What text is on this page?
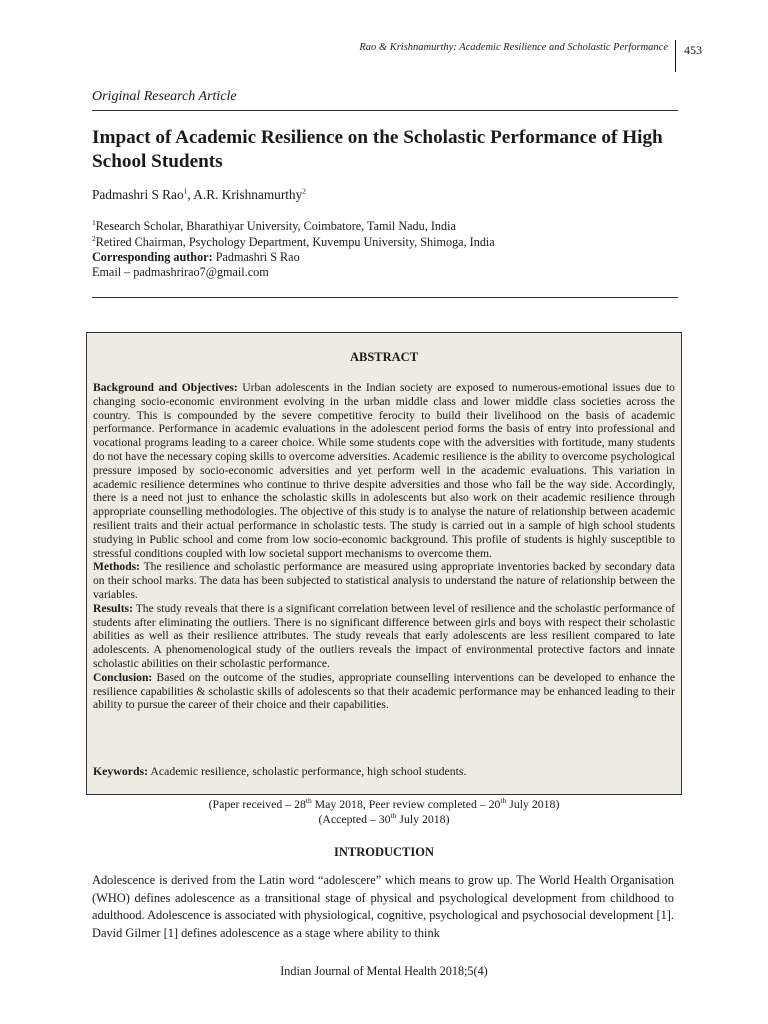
Rao & Krishnamurthy: Academic Resilience and Scholastic Performance 453
Original Research Article
Impact of Academic Resilience on the Scholastic Performance of High School Students
Padmashri S Rao$^1$, A.R. Krishnamurthy$^2$
$^1$Research Scholar, Bharathiyar University, Coimbatore, Tamil Nadu, India
$^2$Retired Chairman, Psychology Department, Kuvempu University, Shimoga, India
Corresponding author: Padmashri S Rao
Email – padmashrirao7@gmail.com
ABSTRACT

Background and Objectives: Urban adolescents in the Indian society are exposed to numerous-emotional issues due to changing socio-economic environment evolving in the urban middle class and lower middle class societies across the country. This is compounded by the severe competitive ferocity to build their livelihood on the basis of academic performance. Performance in academic evaluations in the adolescent period forms the basis of entry into professional and vocational programs leading to a career choice. While some students cope with the adversities with fortitude, many students do not have the necessary coping skills to overcome adversities. Academic resilience is the ability to overcome psychological pressure imposed by socio-economic adversities and yet perform well in the academic evaluations. This variation in academic resilience determines who continue to thrive despite adversities and those who fall be the way side. Accordingly, there is a need not just to enhance the scholastic skills in adolescents but also work on their academic resilience through appropriate counselling methodologies. The objective of this study is to analyse the nature of relationship between academic resilient traits and their actual performance in scholastic tests. The study is carried out in a sample of high school students studying in Public school and come from low socio-economic background. This profile of students is highly susceptible to stressful conditions coupled with low societal support mechanisms to overcome them.

Methods: The resilience and scholastic performance are measured using appropriate inventories backed by secondary data on their school marks. The data has been subjected to statistical analysis to understand the nature of relationship between the variables.

Results: The study reveals that there is a significant correlation between level of resilience and the scholastic performance of students after eliminating the outliers. There is no significant difference between girls and boys with respect their scholastic abilities as well as their resilience attributes. The study reveals that early adolescents are less resilient compared to late adolescents. A phenomenological study of the outliers reveals the impact of environmental protective factors and innate scholastic abilities on their scholastic performance.

Conclusion: Based on the outcome of the studies, appropriate counselling interventions can be developed to enhance the resilience capabilities & scholastic skills of adolescents so that their academic performance may be enhanced leading to their ability to pursue the career of their choice and their capabilities.

Keywords: Academic resilience, scholastic performance, high school students.
(Paper received – 28th May 2018, Peer review completed – 20th July 2018)
(Accepted – 30th July 2018)
INTRODUCTION

Adolescence is derived from the Latin word “adolescere” which means to grow up. The World Health Organisation (WHO) defines adolescence as a transitional stage of physical and psychological development from childhood to adulthood. Adolescence is associated with physiological, cognitive, psychological and psychosocial development [1]. David Gilmer [1] defines adolescence as a stage where ability to think

Indian Journal of Mental Health 2018;5(4)
